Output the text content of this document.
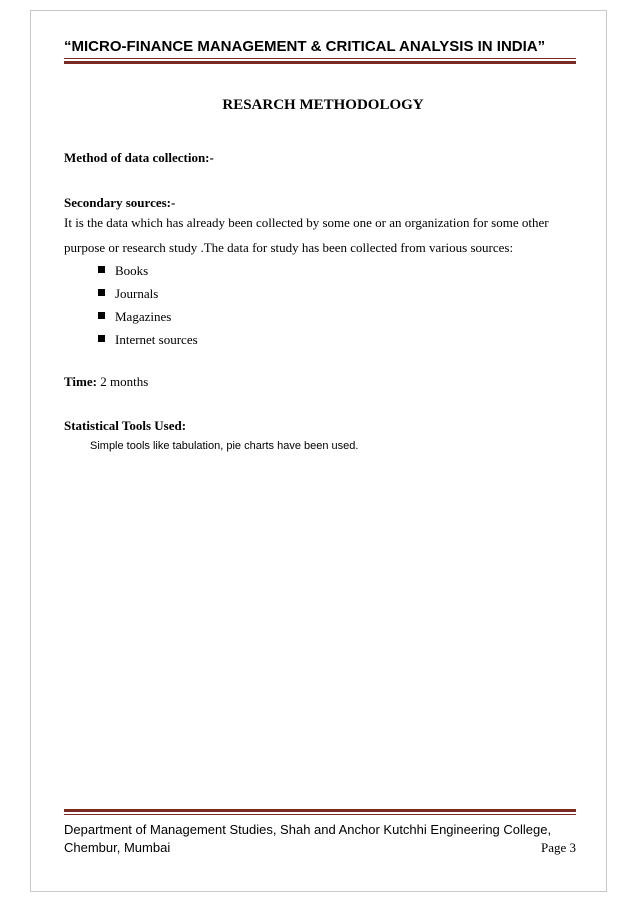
“MICRO-FINANCE MANAGEMENT & CRITICAL ANALYSIS IN INDIA”
RESARCH METHODOLOGY
Method of data collection:-
Secondary sources:-
It is the data which has already been collected by some one or an organization for some other
purpose or research study .The data for study has been collected from various sources:
Books
Journals
Magazines
Internet sources
Time: 2 months
Statistical Tools Used:
Simple tools like tabulation, pie charts have been used.
Department of Management Studies, Shah and Anchor Kutchhi Engineering College,
Chembur, Mumbai	Page 3
